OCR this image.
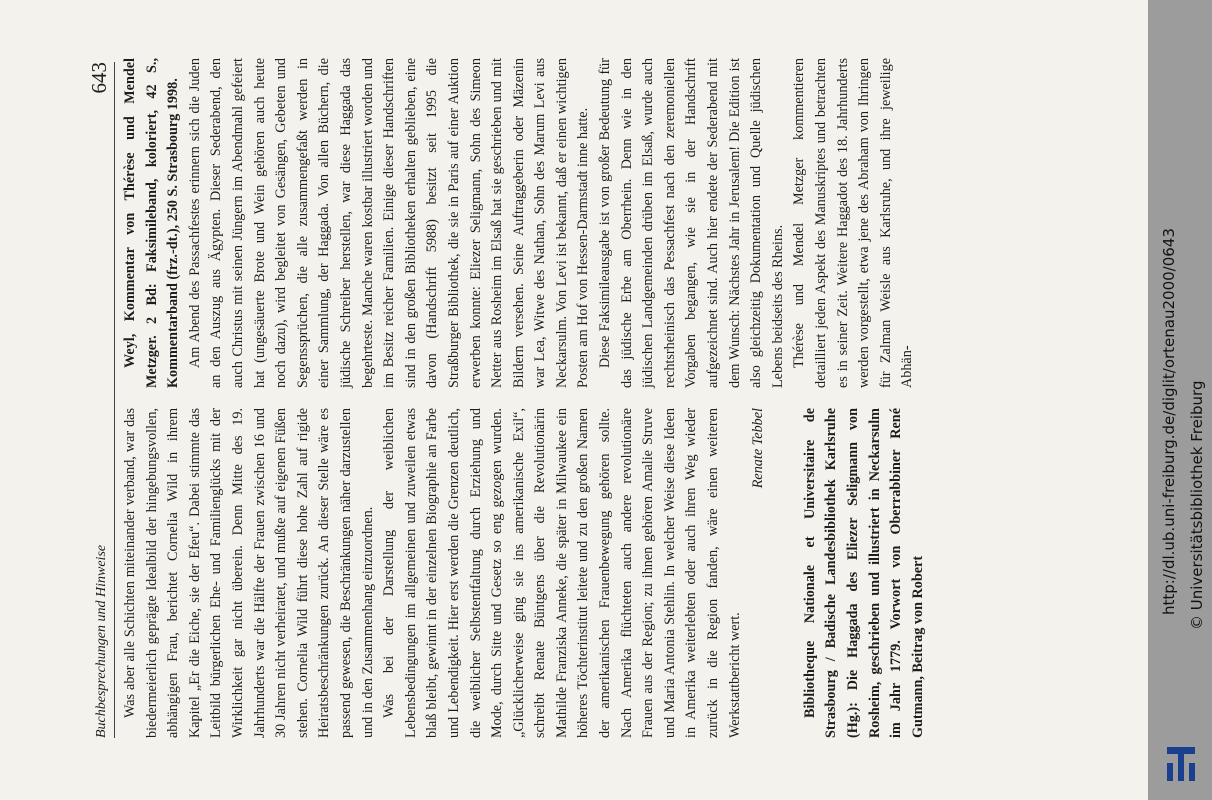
Buchbesprechungen und Hinweise
643

Was aber alle Schichten miteinander verband, war das biedermeierlich geprägte Idealbild der hingebungsvollen, abhängigen Frau, berichtet Cornelia Wild in ihrem Kapitel „Er die Eiche, sie der Efeu“. Dabei stimmte das Leitbild bürgerlichen Ehe- und Familienglücks mit der Wirklichkeit gar nicht überein. Denn Mitte des 19. Jahrhunderts war die Hälfte der Frauen zwischen 16 und 30 Jahren nicht verheiratet, und mußte auf eigenen Füßen stehen. Cornelia Wild führt diese hohe Zahl auf rigide Heiratsbeschränkungen zurück. An dieser Stelle wäre es passend gewesen, die Beschränkungen näher darzustellen und in den Zusammenhang einzuordnen. Was bei der Darstellung der weiblichen Lebensbedingungen im allgemeinen und zuweilen etwas blaß bleibt, gewinnt in der einzelnen Biographie an Farbe und Lebendigkeit. Hier erst werden die Grenzen deutlich, die weiblicher Selbstentfaltung durch Erziehung und Mode, durch Sitte und Gesetz so eng gezogen wurden. „Glücklicherweise ging sie ins amerikanische Exil“, schreibt Renate Büntgens über die Revolutionärin Mathilde Franziska Anneke, die später in Milwaukee ein höheres Töchterinstitut leitete und zu den großen Namen der amerikanischen Frauenbewegung gehören sollte. Nach Amerika flüchteten auch andere revolutionäre Frauen aus der Region; zu ihnen gehören Amalie Struve und Maria Antonia Stehlin. In welcher Weise diese Ideen in Amerika weiterlebten oder auch ihren Weg wieder zurück in die Region fanden, wäre einen weiteren Werkstattbericht wert.

Renate Tebbel	Bibliotheque Nationale et Universitaire de Strasbourg / Badische Landesbibliothek Karlsruhe (Hg.): Die Haggada des Eliezer Seligmann von Rosheim, geschrieben und illustriert in Neckarsulm im Jahr 1779. Vorwort von Oberrabbiner René Gutmann, Beitrag von Robert

Weyl, Kommentar von Thérèse und Mendel Metzger. 2 Bd: Faksimileband, koloriert, 42 S., Kommentarband (frz.-dt.), 250 S. Strasbourg 1998. Am Abend des Passachfestes erinnern sich die Juden an den Auszug aus Ägypten. Dieser Sederabend, den auch Christus mit seinen Jüngern im Abendmahl gefeiert hat (ungesäuerte Brote und Wein gehören auch heute noch dazu), wird begleitet von Gesängen, Gebeten und Segenssprüchen, die alle zusammengefaßt werden in einer Sammlung, der Haggada. Von allen Büchern, die jüdische Schreiber herstellen, war diese Haggada das begehrteste. Manche waren kostbar illustriert worden und im Besitz reicher Familien. Einige dieser Handschriften sind in den großen Bibliotheken erhalten geblieben, eine davon (Handschrift 5988) besitzt seit 1995 die Straßburger Bibliothek, die sie in Paris auf einer Auktion erwerben konnte: Eliezer Seligmann, Sohn des Simeon Netter aus Rosheim im Elsaß hat sie geschrieben und mit Bildern versehen. Seine Auftraggeberin oder Mäzenin war Lea, Witwe des Nathan, Sohn des Marum Levi aus Neckarsulm. Von Levi ist bekannt, daß er einen wichtigen Posten am Hof von Hessen-Darmstadt inne hatte. Diese Faksimileausgabe ist von großer Bedeutung für das jüdische Erbe am Oberrhein. Denn wie in den jüdischen Landgemeinden drüben im Elsaß, wurde auch rechtsrheinisch das Pessachfest nach den zeremoniellen Vorgaben begangen, wie sie in der Handschrift aufgezeichnet sind. Auch hier endete der Sederabend mit dem Wunsch: Nächstes Jahr in Jerusalem! Die Edition ist also gleichzeitig Dokumentation und Quelle jüdischen Lebens beidseits des Rheins. Thérèse und Mendel Metzger kommentieren detailliert jeden Aspekt des Manuskriptes und betrachten es in seiner Zeit. Weitere Haggadot des 18. Jahrhunderts werden vorgestellt, etwa jene des Abraham von Ihringen für Zalman Weisle aus Karlsruhe, und ihre jeweilige Abhän-	http://dl.ub.uni-freiburg.de/diglit/ortenau2000/0643 © Universitätsbibliothek Freiburg
